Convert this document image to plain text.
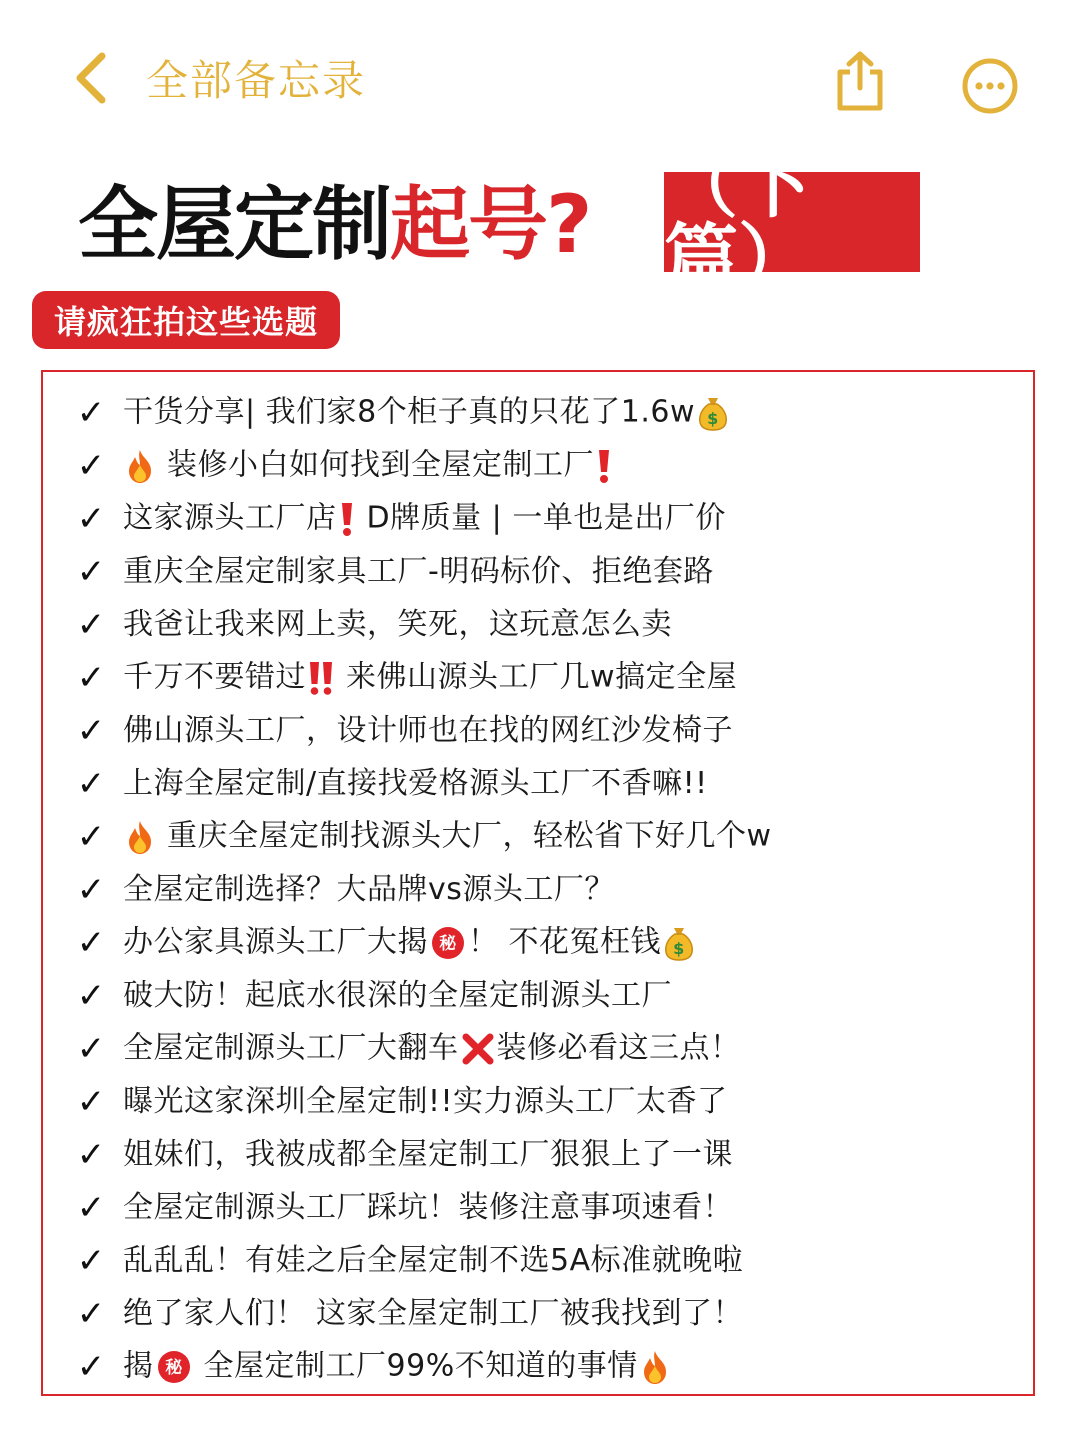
全部备忘录
全屋定制 起号? （下篇）
请疯狂拍这些选题
✓ 干货分享| 我们家8个柜子真的只花了1.6w $
✓	装修小白如何找到全屋定制工厂
✓ 这家源头工厂店
D牌质量 | 一单也是出厂价
✓ 重庆全屋定制家具工厂-明码标价、拒绝套路
✓ 我爸让我来网上卖，笑死，这玩意怎么卖
✓ 千万不要错过
来佛山源头工厂几w搞定全屋
✓ 佛山源头工厂，设计师也在找的网红沙发椅子
✓ 上海全屋定制/直接找爱格源头工厂不香嘛!!
✓	重庆全屋定制找源头大厂，轻松省下好几个w
✓ 全屋定制选择？大品牌vs源头工厂？
✓ 办公家具源头工厂大揭 秘 ！ 不花冤枉钱 $
✓ 破大防！起底水很深的全屋定制源头工厂
✓ 全屋定制源头工厂大翻车 装修必看这三点！
✓ 曝光这家深圳全屋定制!!实力源头工厂太香了
✓ 姐妹们，我被成都全屋定制工厂狠狠上了一课
✓ 全屋定制源头工厂踩坑！装修注意事项速看！
✓ 乱乱乱！有娃之后全屋定制不选5A标准就晚啦
✓ 绝了家人们！ 这家全屋定制工厂被我找到了！
✓ 揭 秘 全屋定制工厂99%不知道的事情
